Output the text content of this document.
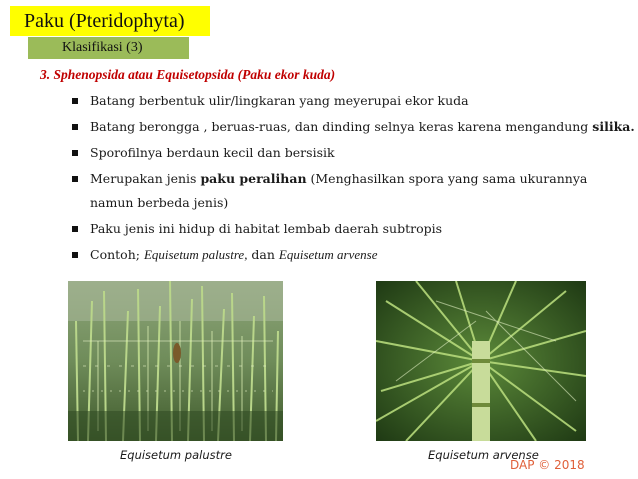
Paku (Pteridophyta)
Klasifikasi (3)
3. Sphenopsida atau Equisetopsida (Paku ekor kuda)
Batang berbentuk ulir/lingkaran yang meyerupai ekor kuda
Batang berongga , beruas-ruas, dan dinding selnya keras karena mengandung silika.
Sporofilnya berdaun kecil dan bersisik
Merupakan jenis paku peralihan (Menghasilkan spora yang sama ukurannya namun berbeda jenis)
Paku jenis ini hidup di habitat lembab daerah subtropis
Contoh; Equisetum palustre, dan Equisetum arvense
Equisetum palustre	Equisetum arvense
DAP © 2018
